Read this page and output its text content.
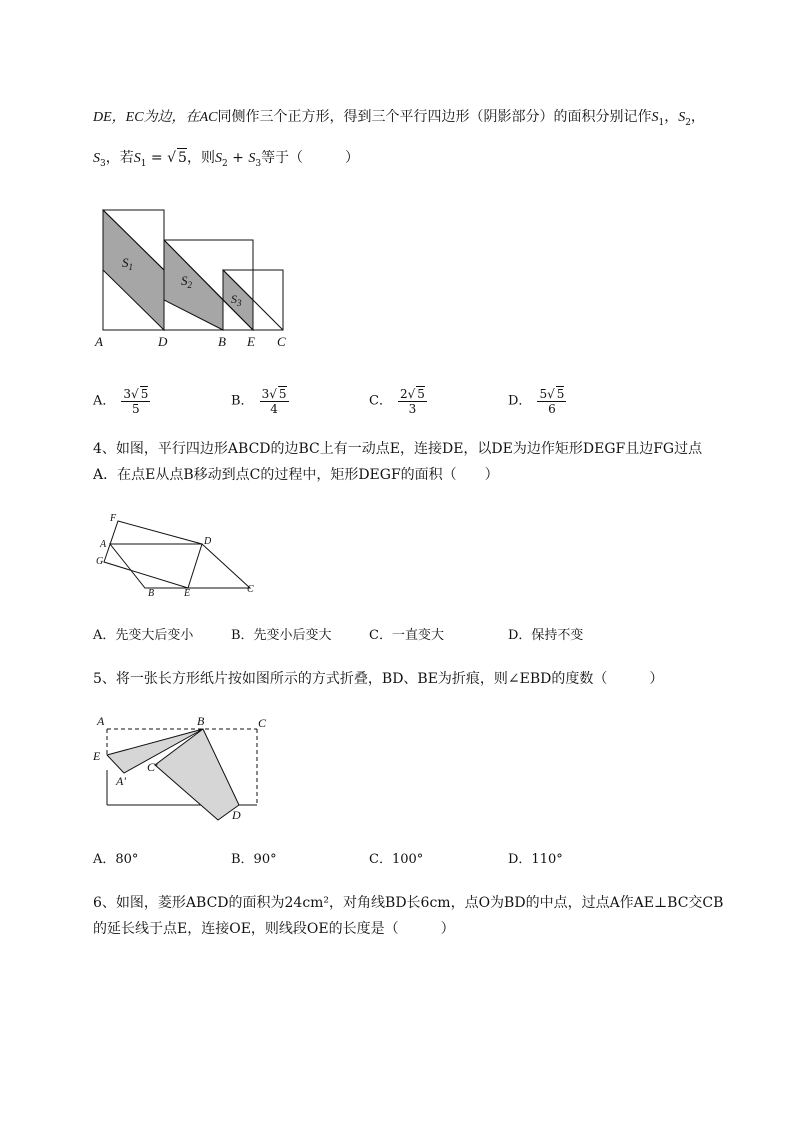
DE，EC为边，在AC同侧作三个正方形，得到三个平行四边形（阴影部分）的面积分别记作$S_1$，$S_2$，
$S_3$，若$S_1$ = √ 5，则$S_2 + S_3$等于（　　　）
$S_1$
$S_2$
$S_3$
A	D	B E C
A． $\frac{3√ 5}{5}$	B． $\frac{3√ 5}{4}$	C． $\frac{2√ 5}{3}$	D． $\frac{5√ 5}{6}$
4、如图，平行四边形ABCD的边BC上有一动点E，连接DE，以DE为边作矩形DEGF且边FG过点
A．在点E从点B移动到点C的过程中，矩形DEGF的面积（　　）
F
A
G
D
B	E	C
A．先变大后变小	B．先变小后变大	C．一直变大	D．保持不变
5、将一张长方形纸片按如图所示的方式折叠，BD、BE为折痕，则∠EBD的度数（　　　）
A	B	C
E
C'
A'
D
A．80°	B．90°	C．100°	D．110°
6、如图，菱形ABCD的面积为24cm²，对角线BD长6cm，点O为BD的中点，过点A作AE⊥BC交CB
的延长线于点E，连接OE，则线段OE的长度是（　　　）
